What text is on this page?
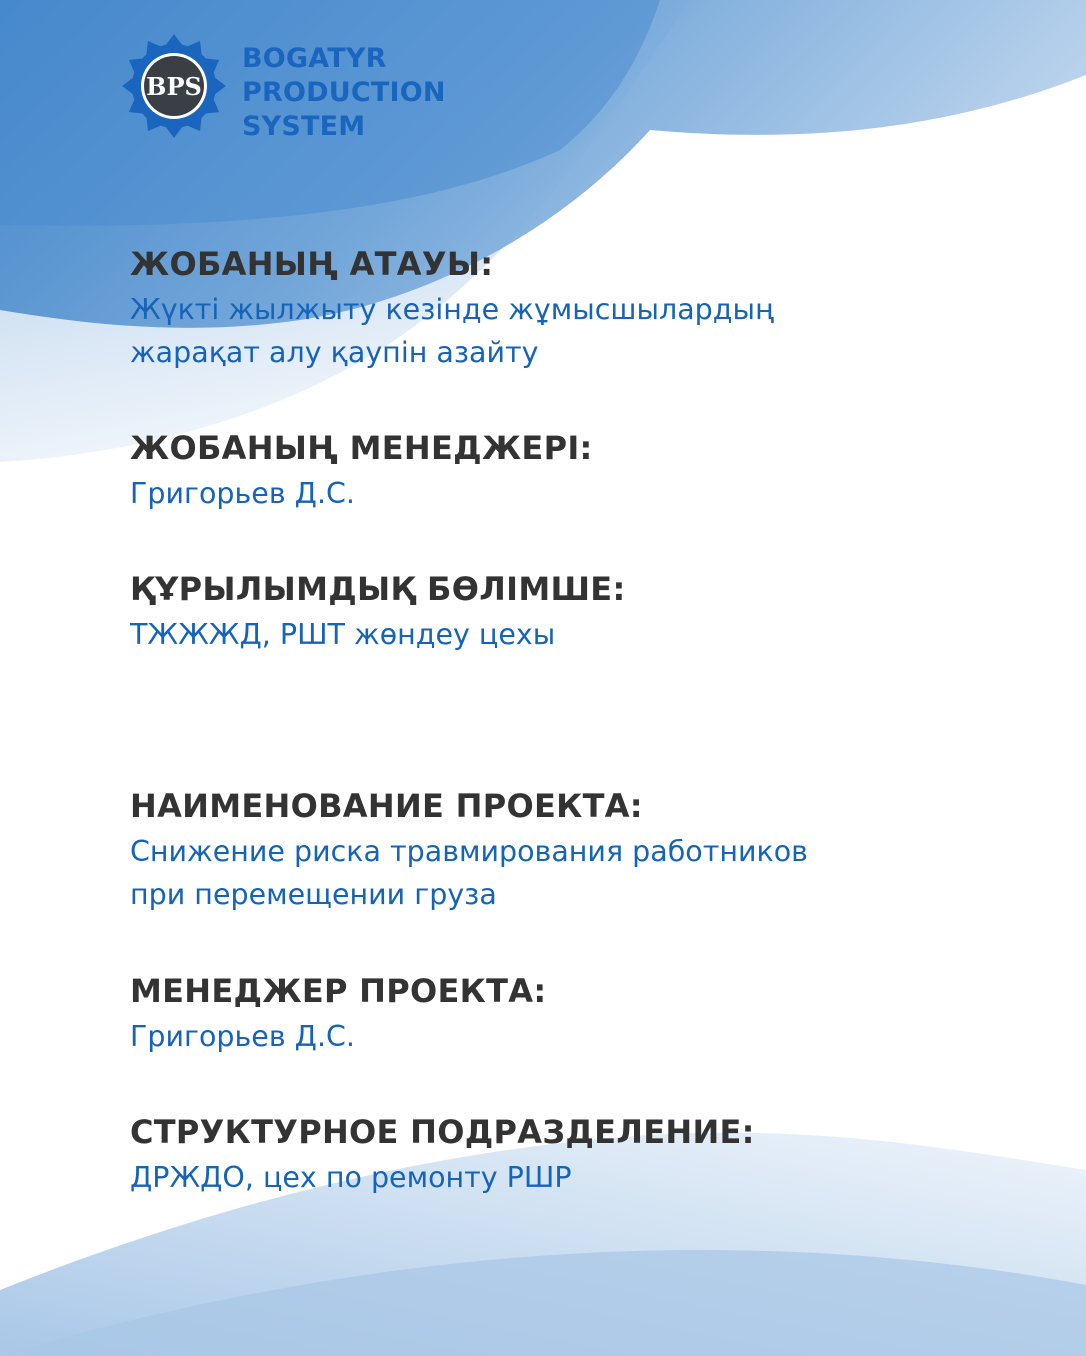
BPS
BOGATYR
PRODUCTION
SYSTEM
ЖОБАНЫҢ АТАУЫ:
Жүкті жылжыту кезінде жұмысшылардың
жарақат алу қаупін азайту
ЖОБАНЫҢ МЕНЕДЖЕРІ:
Григорьев Д.С.
ҚҰРЫЛЫМДЫҚ БӨЛІМШЕ:
ТЖЖЖД, РШТ жөндеу цехы
НАИМЕНОВАНИЕ ПРОЕКТА:
Снижение риска травмирования работников
при перемещении груза
МЕНЕДЖЕР ПРОЕКТА:
Григорьев Д.С.
СТРУКТУРНОЕ ПОДРАЗДЕЛЕНИЕ:
ДРЖДО, цех по ремонту РШР
